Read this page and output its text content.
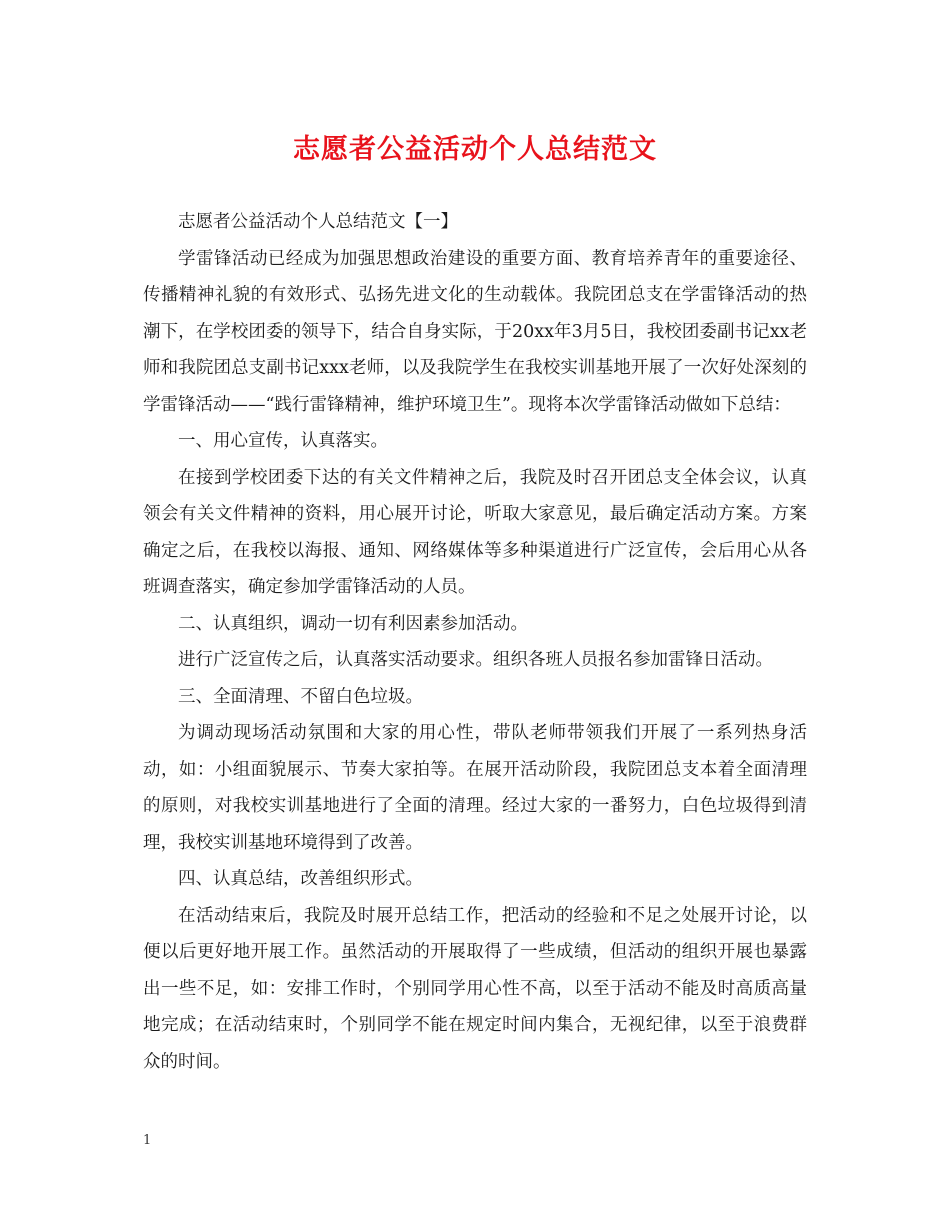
志愿者公益活动个人总结范文

志愿者公益活动个人总结范文【一】

学雷锋活动已经成为加强思想政治建设的重要方面、教育培养青年的重要途径、传播精神礼貌的有效形式、弘扬先进文化的生动载体。我院团总支在学雷锋活动的热潮下，在学校团委的领导下，结合自身实际，于20xx年3月5日，我校团委副书记xx老师和我院团总支副书记xxx老师，以及我院学生在我校实训基地开展了一次好处深刻的学雷锋活动——“践行雷锋精神，维护环境卫生”。现将本次学雷锋活动做如下总结：

一、用心宣传，认真落实。

在接到学校团委下达的有关文件精神之后，我院及时召开团总支全体会议，认真领会有关文件精神的资料，用心展开讨论，听取大家意见，最后确定活动方案。方案确定之后，在我校以海报、通知、网络媒体等多种渠道进行广泛宣传，会后用心从各班调查落实，确定参加学雷锋活动的人员。

二、认真组织，调动一切有利因素参加活动。

进行广泛宣传之后，认真落实活动要求。组织各班人员报名参加雷锋日活动。

三、全面清理、不留白色垃圾。

为调动现场活动氛围和大家的用心性，带队老师带领我们开展了一系列热身活动，如：小组面貌展示、节奏大家拍等。在展开活动阶段，我院团总支本着全面清理的原则，对我校实训基地进行了全面的清理。经过大家的一番努力，白色垃圾得到清理，我校实训基地环境得到了改善。

四、认真总结，改善组织形式。

在活动结束后，我院及时展开总结工作，把活动的经验和不足之处展开讨论，以便以后更好地开展工作。虽然活动的开展取得了一些成绩，但活动的组织开展也暴露出一些不足，如：安排工作时，个别同学用心性不高，以至于活动不能及时高质高量地完成；在活动结束时，个别同学不能在规定时间内集合，无视纪律，以至于浪费群众的时间。

1
